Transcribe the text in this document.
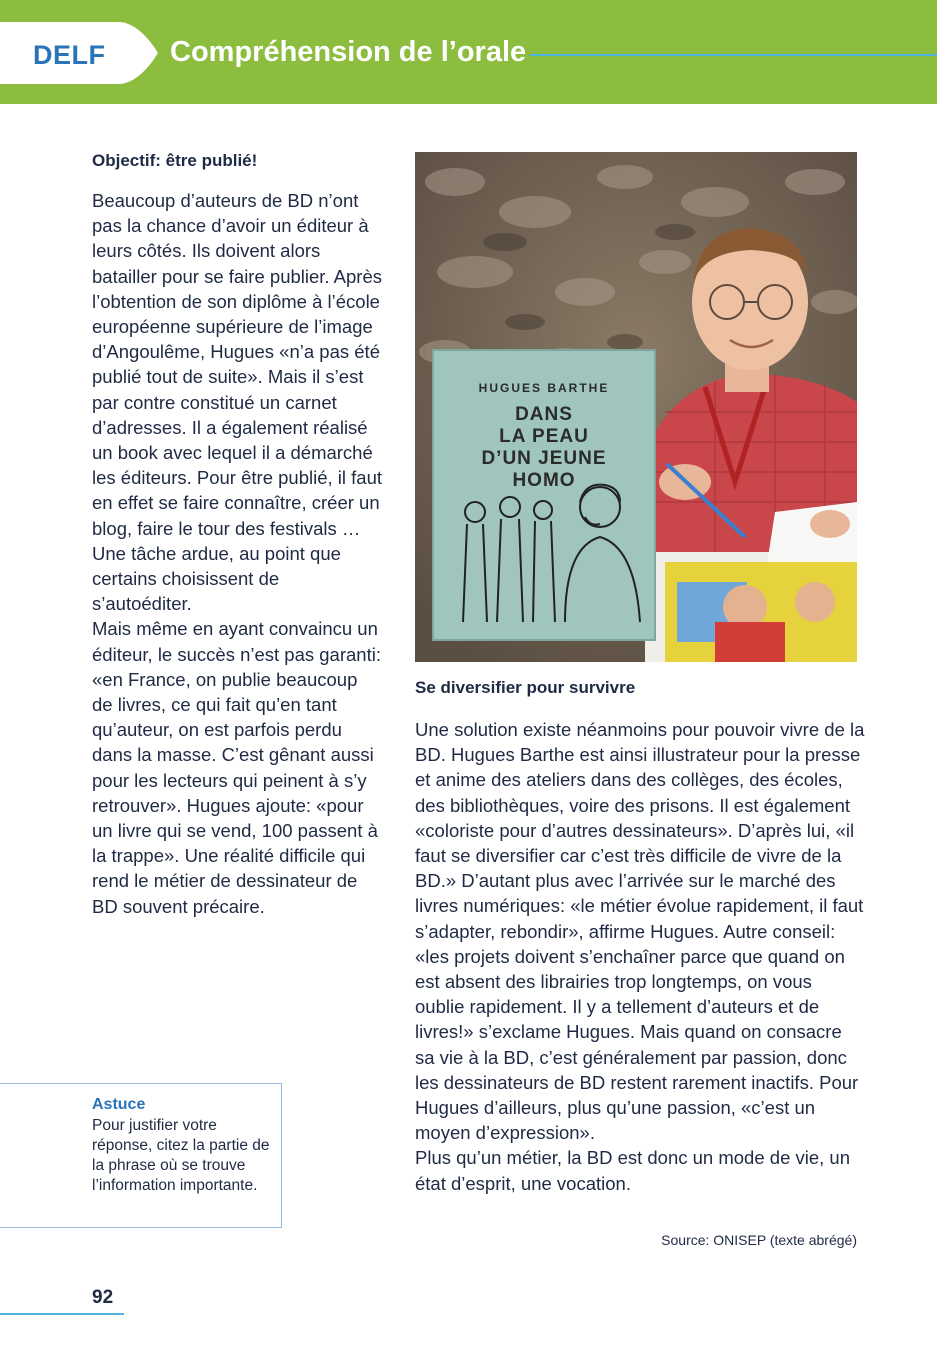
DELF Compréhension de l’orale
Objectif: être publié!

Beaucoup d’auteurs de BD n’ont pas la chance d’avoir un éditeur à leurs côtés. Ils doivent alors batailler pour se faire publier. Après l’obtention de son diplôme à l’école européenne supérieure de l’image d’Angoulême, Hugues «n’a pas été publié tout de suite». Mais il s’est par contre constitué un carnet d’adresses. Il a également réalisé un book avec lequel il a démarché les éditeurs. Pour être publié, il faut en effet se faire connaître, créer un blog, faire le tour des festivals … Une tâche ardue, au point que certains choisissent de s’autoéditer.

Mais même en ayant convaincu un éditeur, le succès n’est pas garanti: «en France, on publie beaucoup de livres, ce qui fait qu’en tant qu’auteur, on est parfois perdu dans la masse. C’est gênant aussi pour les lecteurs qui peinent à s’y retrouver». Hugues ajoute: «pour un livre qui se vend, 100 passent à la trappe». Une réalité difficile qui rend le métier de dessinateur de BD souvent précaire.

HUGUES BARTHE
DANS
LA PEAU
D’UN JEUNE
HOMO
Se diversifier pour survivre

Une solution existe néanmoins pour pouvoir vivre de la BD. Hugues Barthe est ainsi illustrateur pour la presse et anime des ateliers dans des collèges, des écoles, des bibliothèques, voire des prisons. Il est également «coloriste pour d’autres dessinateurs». D’après lui, «il faut se diversifier car c’est très difficile de vivre de la BD.» D’autant plus avec l’arrivée sur le marché des livres numériques: «le métier évolue rapidement, il faut s’adapter, rebondir», affirme Hugues. Autre conseil: «les projets doivent s’enchaîner parce que quand on est absent des librairies trop longtemps, on vous oublie rapidement. Il y a tellement d’auteurs et de livres!» s’exclame Hugues. Mais quand on consacre sa vie à la BD, c’est généralement par passion, donc les dessinateurs de BD restent rarement inactifs. Pour Hugues d’ailleurs, plus qu’une passion, «c’est un moyen d’expression».

Plus qu’un métier, la BD est donc un mode de vie, un état d’esprit, une vocation.

Source: ONISEP (texte abrégé)
Astuce
Pour justifier votre réponse, citez la partie de la phrase où se trouve l’information importante.
92
